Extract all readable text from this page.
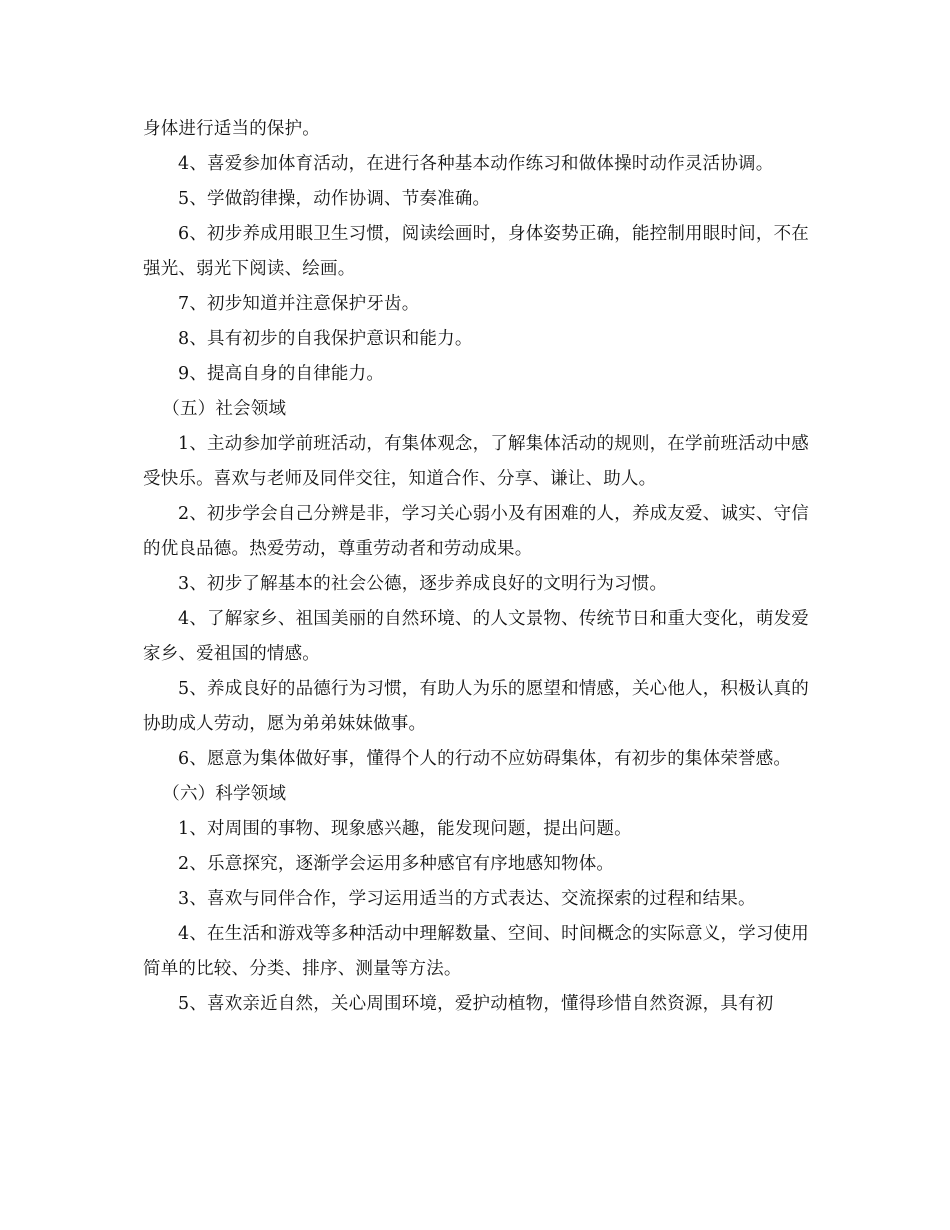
身体进行适当的保护。

4、喜爱参加体育活动，在进行各种基本动作练习和做体操时动作灵活协调。

5、学做韵律操，动作协调、节奏准确。

6、初步养成用眼卫生习惯，阅读绘画时，身体姿势正确，能控制用眼时间，不在强光、弱光下阅读、绘画。

7、初步知道并注意保护牙齿。

8、具有初步的自我保护意识和能力。

9、提高自身的自律能力。

（五）社会领域

1、主动参加学前班活动，有集体观念，了解集体活动的规则，在学前班活动中感受快乐。喜欢与老师及同伴交往，知道合作、分享、谦让、助人。

2、初步学会自己分辨是非，学习关心弱小及有困难的人，养成友爱、诚实、守信的优良品德。热爱劳动，尊重劳动者和劳动成果。

3、初步了解基本的社会公德，逐步养成良好的文明行为习惯。

4、了解家乡、祖国美丽的自然环境、的人文景物、传统节日和重大变化，萌发爱家乡、爱祖国的情感。

5、养成良好的品德行为习惯，有助人为乐的愿望和情感，关心他人，积极认真的协助成人劳动，愿为弟弟妹妹做事。

6、愿意为集体做好事，懂得个人的行动不应妨碍集体，有初步的集体荣誉感。

（六）科学领域

1、对周围的事物、现象感兴趣，能发现问题，提出问题。

2、乐意探究，逐渐学会运用多种感官有序地感知物体。

3、喜欢与同伴合作，学习运用适当的方式表达、交流探索的过程和结果。

4、在生活和游戏等多种活动中理解数量、空间、时间概念的实际意义，学习使用简单的比较、分类、排序、测量等方法。

5、喜欢亲近自然，关心周围环境，爱护动植物，懂得珍惜自然资源，具有初
